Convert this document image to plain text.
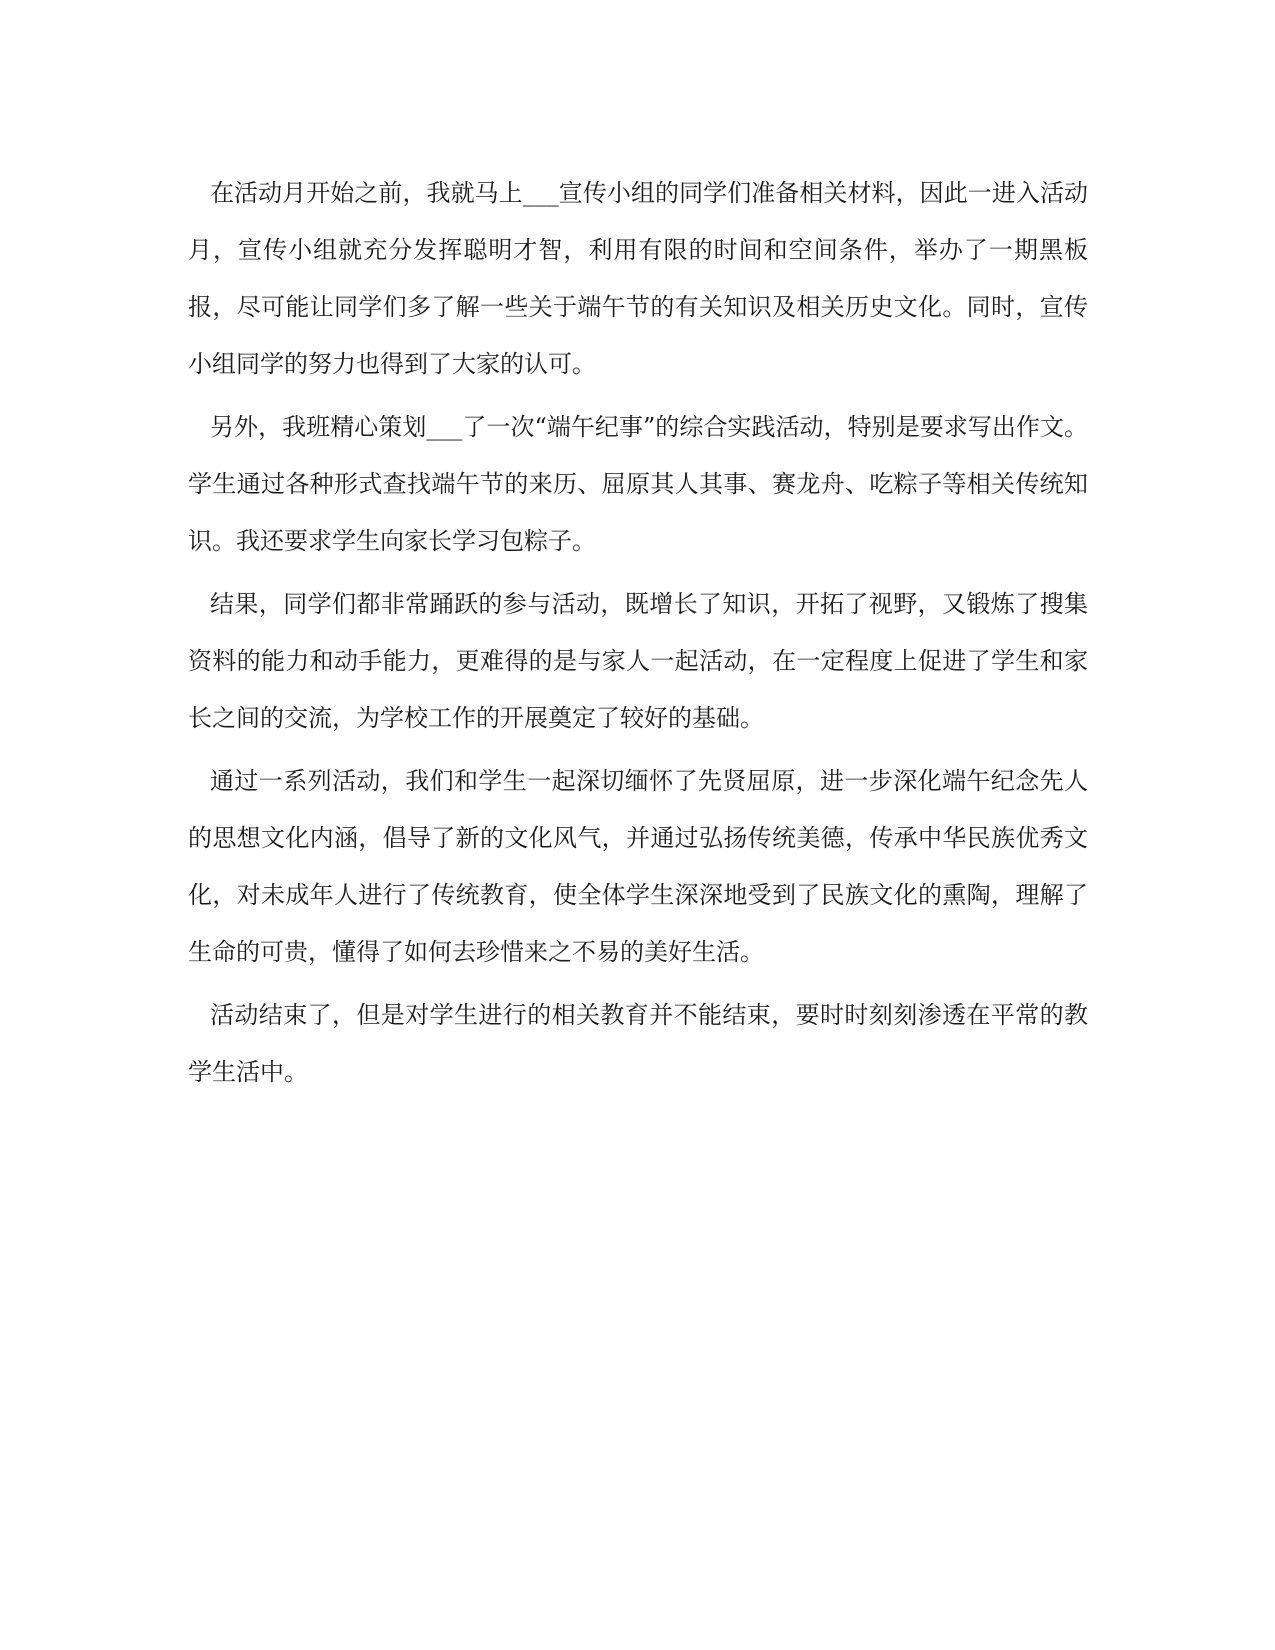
在活动月开始之前，我就马上___宣传小组的同学们准备相关材料，因此一进入活动月，宣传小组就充分发挥聪明才智，利用有限的时间和空间条件，举办了一期黑板报，尽可能让同学们多了解一些关于端午节的有关知识及相关历史文化。同时，宣传小组同学的努力也得到了大家的认可。

另外，我班精心策划___了一次“端午纪事”的综合实践活动，特别是要求写出作文。学生通过各种形式查找端午节的来历、屈原其人其事、赛龙舟、吃粽子等相关传统知识。我还要求学生向家长学习包粽子。

结果，同学们都非常踊跃的参与活动，既增长了知识，开拓了视野，又锻炼了搜集资料的能力和动手能力，更难得的是与家人一起活动，在一定程度上促进了学生和家长之间的交流，为学校工作的开展奠定了较好的基础。

通过一系列活动，我们和学生一起深切缅怀了先贤屈原，进一步深化端午纪念先人的思想文化内涵，倡导了新的文化风气，并通过弘扬传统美德，传承中华民族优秀文化，对未成年人进行了传统教育，使全体学生深深地受到了民族文化的熏陶，理解了生命的可贵，懂得了如何去珍惜来之不易的美好生活。

活动结束了，但是对学生进行的相关教育并不能结束，要时时刻刻渗透在平常的教学生活中。
